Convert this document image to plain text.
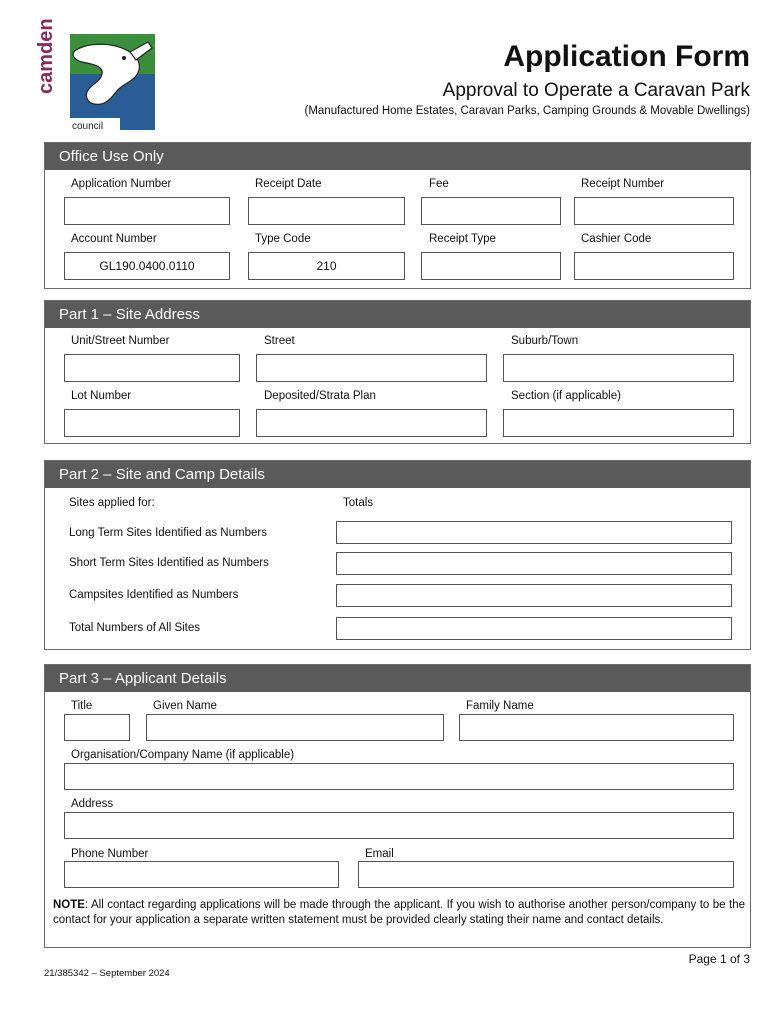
camden
council
Application Form
Approval to Operate a Caravan Park
(Manufactured Home Estates, Caravan Parks, Camping Grounds & Movable Dwellings)
Office Use Only
Application Number	Receipt Date	Fee	Receipt Number
Account Number	Type Code	Receipt Type	Cashier Code
GL190.0400.0110	210
Part 1 – Site Address
Unit/Street Number	Street	Suburb/Town
Lot Number	Deposited/Strata Plan	Section (if applicable)
Part 2 – Site and Camp Details
Sites applied for:	Totals
Long Term Sites Identified as Numbers
Short Term Sites Identified as Numbers
Campsites Identified as Numbers
Total Numbers of All Sites
Part 3 – Applicant Details
Title	Given Name	Family Name
Organisation/Company Name (if applicable)
Address
Phone Number	Email
NOTE: All contact regarding applications will be made through the applicant. If you wish to authorise another person/company to be the contact for your application a separate written statement must be provided clearly stating their name and contact details.
Page 1 of 3
21/385342 – September 2024
